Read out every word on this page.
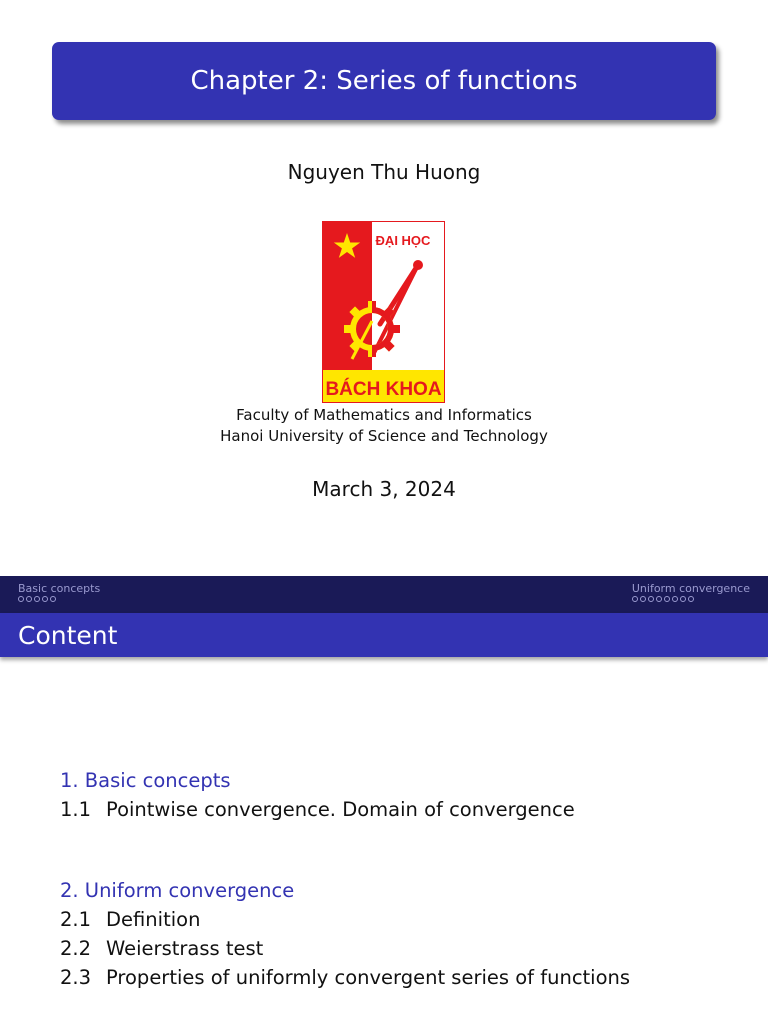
Chapter 2: Series of functions
Nguyen Thu Huong
ĐẠI HỌC
BÁCH KHOA
Faculty of Mathematics and Informatics
Hanoi University of Science and Technology
March 3, 2024
Basic concepts	Uniform convergence
Content
1. Basic concepts
1.1 Pointwise convergence. Domain of convergence
2. Uniform convergence
2.1 Definition
2.2 Weierstrass test
2.3 Properties of uniformly convergent series of functions
